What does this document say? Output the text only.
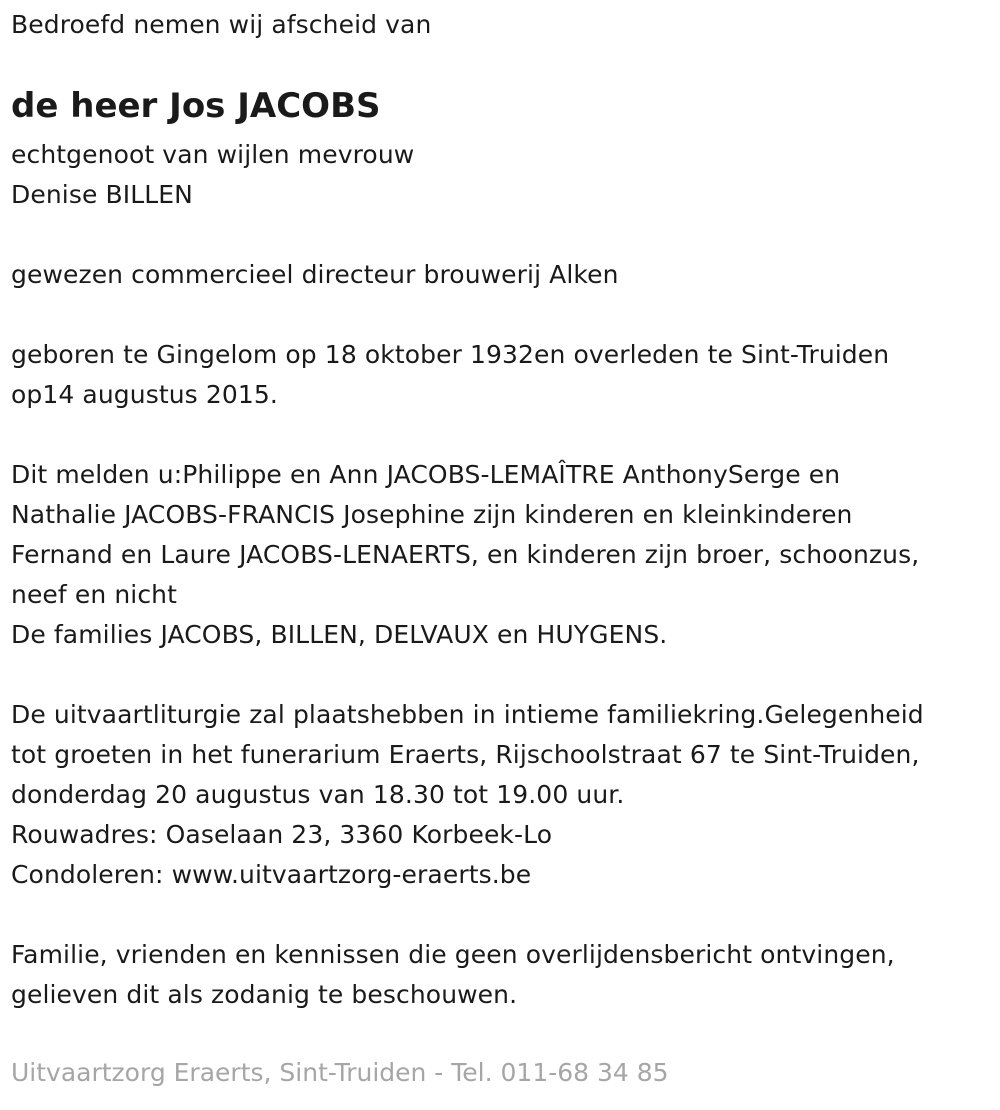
Bedroefd nemen wij afscheid van
de heer Jos JACOBS
echtgenoot van wijlen mevrouw
Denise BILLEN
gewezen commercieel directeur brouwerij Alken
geboren te Gingelom op 18 oktober 1932en overleden te Sint-Truiden
op14 augustus 2015.
Dit melden u:Philippe en Ann JACOBS-LEMAÎTRE AnthonySerge en
Nathalie JACOBS-FRANCIS Josephine zijn kinderen en kleinkinderen
Fernand en Laure JACOBS-LENAERTS, en kinderen zijn broer, schoonzus,
neef en nicht
De families JACOBS, BILLEN, DELVAUX en HUYGENS.
De uitvaartliturgie zal plaatshebben in intieme familiekring.Gelegenheid
tot groeten in het funerarium Eraerts, Rijschoolstraat 67 te Sint-Truiden,
donderdag 20 augustus van 18.30 tot 19.00 uur.
Rouwadres: Oaselaan 23, 3360 Korbeek-Lo
Condoleren: www.uitvaartzorg-eraerts.be
Familie, vrienden en kennissen die geen overlijdensbericht ontvingen,
gelieven dit als zodanig te beschouwen.
Uitvaartzorg Eraerts, Sint-Truiden - Tel. 011-68 34 85
